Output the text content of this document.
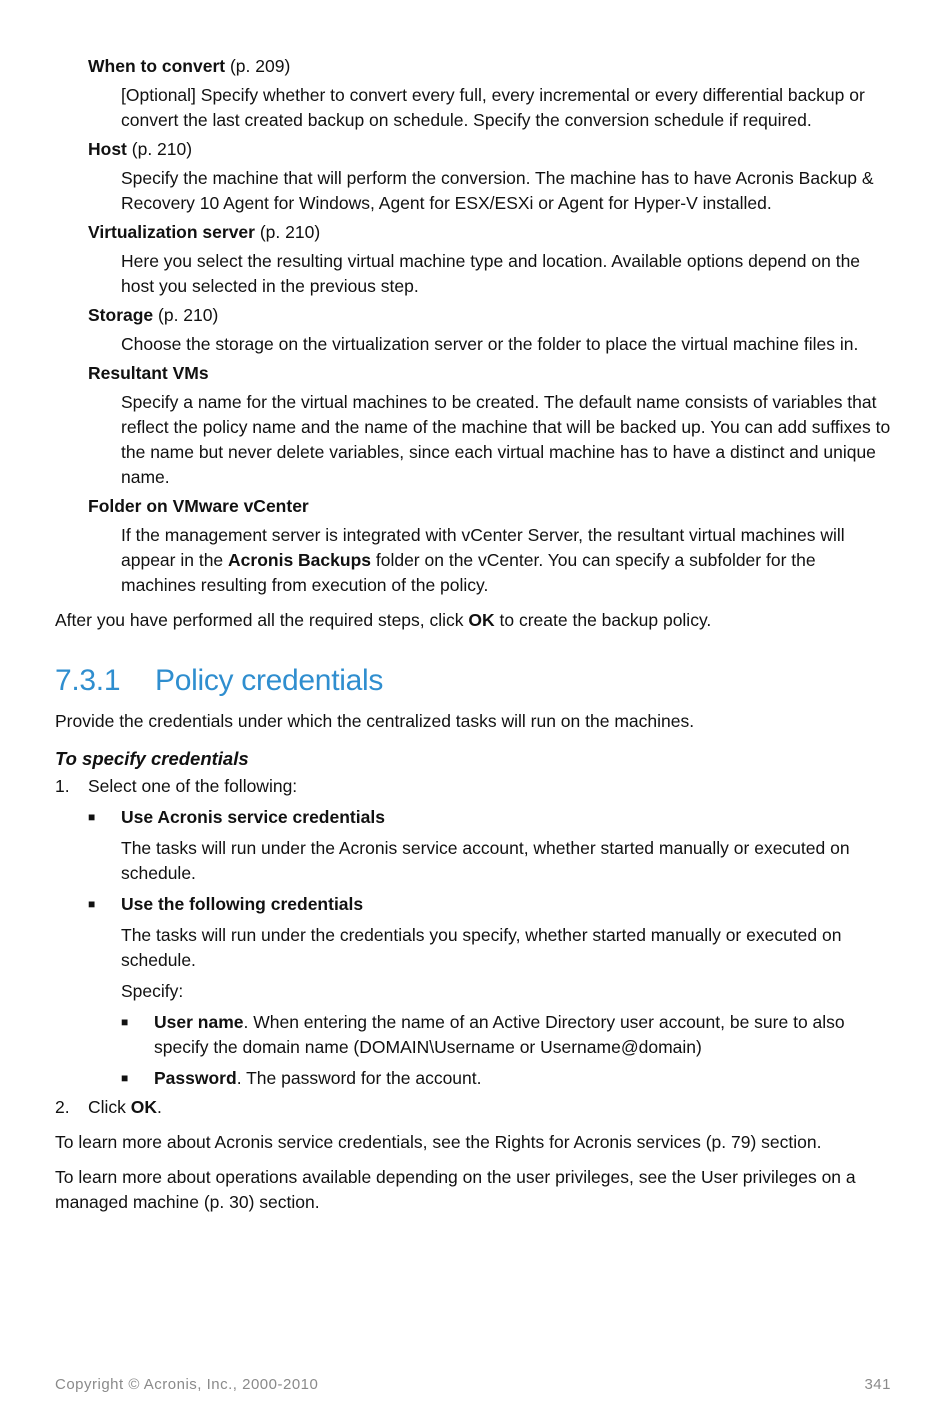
When to convert (p. 209)
[Optional] Specify whether to convert every full, every incremental or every differential backup or convert the last created backup on schedule. Specify the conversion schedule if required.
Host (p. 210)
Specify the machine that will perform the conversion. The machine has to have Acronis Backup & Recovery 10 Agent for Windows, Agent for ESX/ESXi or Agent for Hyper-V installed.
Virtualization server (p. 210)
Here you select the resulting virtual machine type and location. Available options depend on the host you selected in the previous step.
Storage (p. 210)
Choose the storage on the virtualization server or the folder to place the virtual machine files in.
Resultant VMs
Specify a name for the virtual machines to be created. The default name consists of variables that reflect the policy name and the name of the machine that will be backed up. You can add suffixes to the name but never delete variables, since each virtual machine has to have a distinct and unique name.
Folder on VMware vCenter
If the management server is integrated with vCenter Server, the resultant virtual machines will appear in the Acronis Backups folder on the vCenter. You can specify a subfolder for the machines resulting from execution of the policy.
After you have performed all the required steps, click OK to create the backup policy.
7.3.1 Policy credentials
Provide the credentials under which the centralized tasks will run on the machines.
To specify credentials
1.	Select one of the following:
■	Use Acronis service credentials
The tasks will run under the Acronis service account, whether started manually or executed on schedule.
■	Use the following credentials
The tasks will run under the credentials you specify, whether started manually or executed on schedule.
Specify:
■	User name. When entering the name of an Active Directory user account, be sure to also specify the domain name (DOMAIN\Username or Username@domain)
■	Password. The password for the account.
2.	Click OK.
To learn more about Acronis service credentials, see the Rights for Acronis services (p. 79) section.
To learn more about operations available depending on the user privileges, see the User privileges on a managed machine (p. 30) section.
Copyright © Acronis, Inc., 2000-2010	341
